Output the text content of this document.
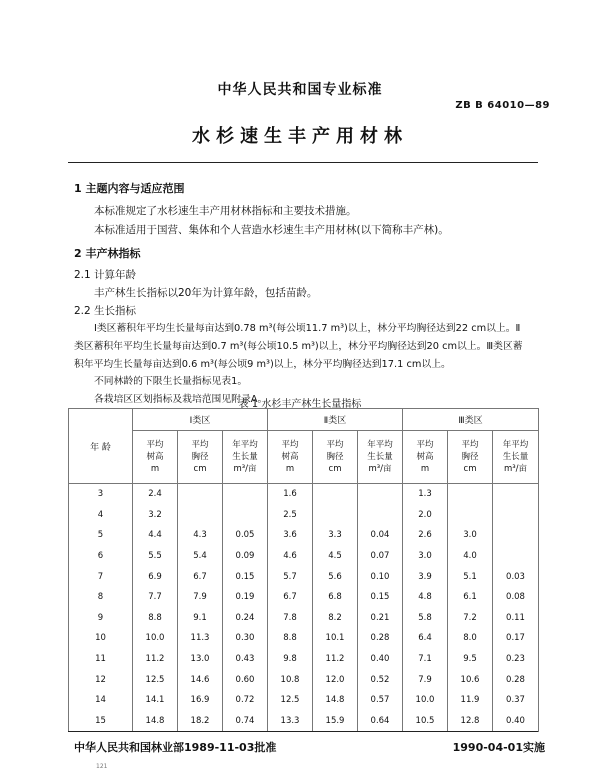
中华人民共和国专业标准
ZB B 64010—89
水杉速生丰产用材林
1 主题内容与适应范围
本标准规定了水杉速生丰产用材林指标和主要技术措施。
本标准适用于国营、集体和个人营造水杉速生丰产用材林(以下简称丰产林)。
2 丰产林指标
2.1 计算年龄
丰产林生长指标以20年为计算年龄，包括苗龄。
2.2 生长指标
Ⅰ类区蓄积年平均生长量每亩达到0.78 m³(每公顷11.7 m³)以上，林分平均胸径达到22 cm以上。Ⅱ
类区蓄积年平均生长量每亩达到0.7 m³(每公顷10.5 m³)以上，林分平均胸径达到20 cm以上。Ⅲ类区蓄
积年平均生长量每亩达到0.6 m³(每公顷9 m³)以上，林分平均胸径达到17.1 cm以上。
不同林龄的下限生长量指标见表1。
各栽培区区划指标及栽培范围见附录A。
表 1 水杉丰产林生长量指标
年 龄	Ⅰ类区			Ⅱ类区			Ⅲ类区		
	平均
树高
m	平均
胸径
cm	年平均
生长量
m³/亩	平均
树高
m	平均
胸径
cm	年平均
生长量
m³/亩	平均
树高
m	平均
胸径
cm	年平均
生长量
m³/亩
3	2.4			1.6			1.3		
4	3.2			2.5			2.0		
5	4.4	4.3	0.05	3.6	3.3	0.04	2.6	3.0	
6	5.5	5.4	0.09	4.6	4.5	0.07	3.0	4.0	
7	6.9	6.7	0.15	5.7	5.6	0.10	3.9	5.1	0.03
8	7.7	7.9	0.19	6.7	6.8	0.15	4.8	6.1	0.08
9	8.8	9.1	0.24	7.8	8.2	0.21	5.8	7.2	0.11
10	10.0	11.3	0.30	8.8	10.1	0.28	6.4	8.0	0.17
11	11.2	13.0	0.43	9.8	11.2	0.40	7.1	9.5	0.23
12	12.5	14.6	0.60	10.8	12.0	0.52	7.9	10.6	0.28
14	14.1	16.9	0.72	12.5	14.8	0.57	10.0	11.9	0.37
15	14.8	18.2	0.74	13.3	15.9	0.64	10.5	12.8	0.40
中华人民共和国林业部1989-11-03批准	1990-04-01实施
121
